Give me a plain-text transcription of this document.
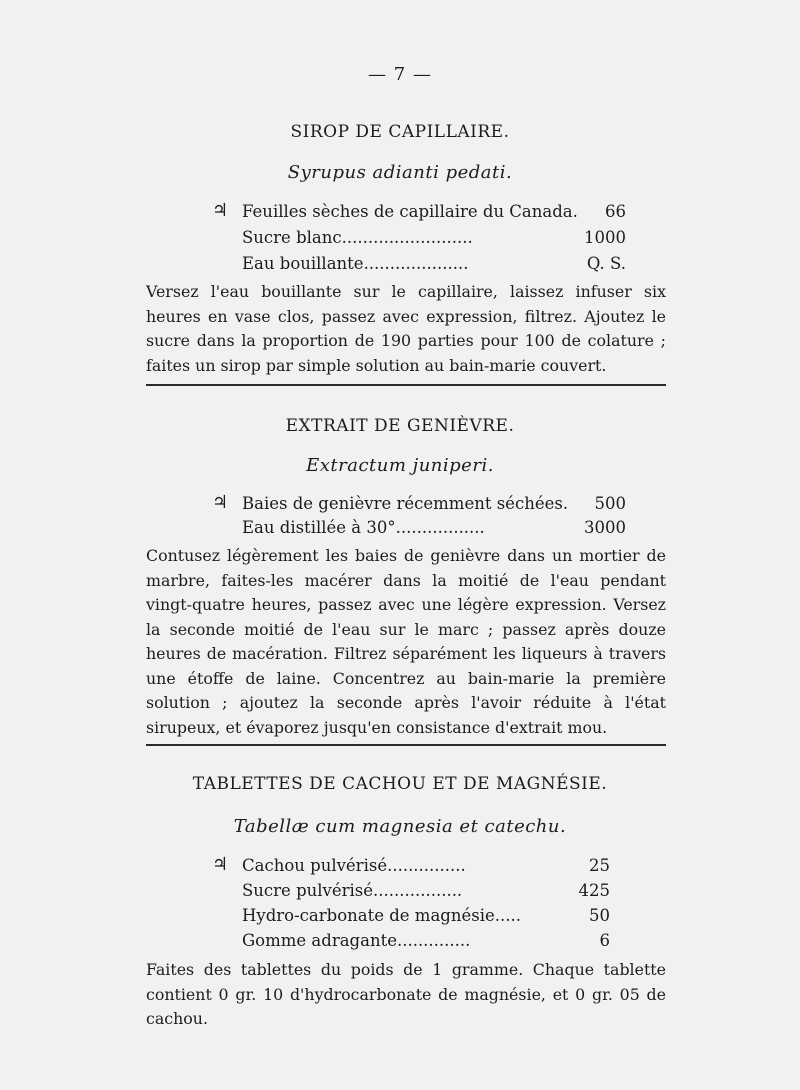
— 7 —
SIROP DE CAPILLAIRE.
Syrupus adianti pedati.
♃ Feuilles sèches de capillaire du Canada.	66
Sucre blanc.........................	1000
Eau bouillante....................	Q. S.
Versez l'eau bouillante sur le capillaire, laissez infuser six heures en vase clos, passez avec expression, filtrez. Ajoutez le sucre dans la proportion de 190 parties pour 100 de colature ; faites un sirop par simple solution au bain-marie couvert.
EXTRAIT DE GENIÈVRE.
Extractum juniperi.
♃ Baies de genièvre récemment séchées.	500
Eau distillée à 30°.................	3000
Contusez légèrement les baies de genièvre dans un mortier de marbre, faites-les macérer dans la moitié de l'eau pendant vingt-quatre heures, passez avec une légère expression. Versez la seconde moitié de l'eau sur le marc ; passez après douze heures de macération. Filtrez séparément les liqueurs à travers une étoffe de laine. Concentrez au bain-marie la première solution ; ajoutez la seconde après l'avoir réduite à l'état sirupeux, et évaporez jusqu'en consistance d'extrait mou.
TABLETTES DE CACHOU ET DE MAGNÉSIE.
Tabellæ cum magnesia et catechu.
♃ Cachou pulvérisé...............	25
Sucre pulvérisé.................	425
Hydro-carbonate de magnésie.....	50
Gomme adragante..............	6
Faites des tablettes du poids de 1 gramme. Chaque tablette contient 0 gr. 10 d'hydrocarbonate de magnésie, et 0 gr. 05 de cachou.
